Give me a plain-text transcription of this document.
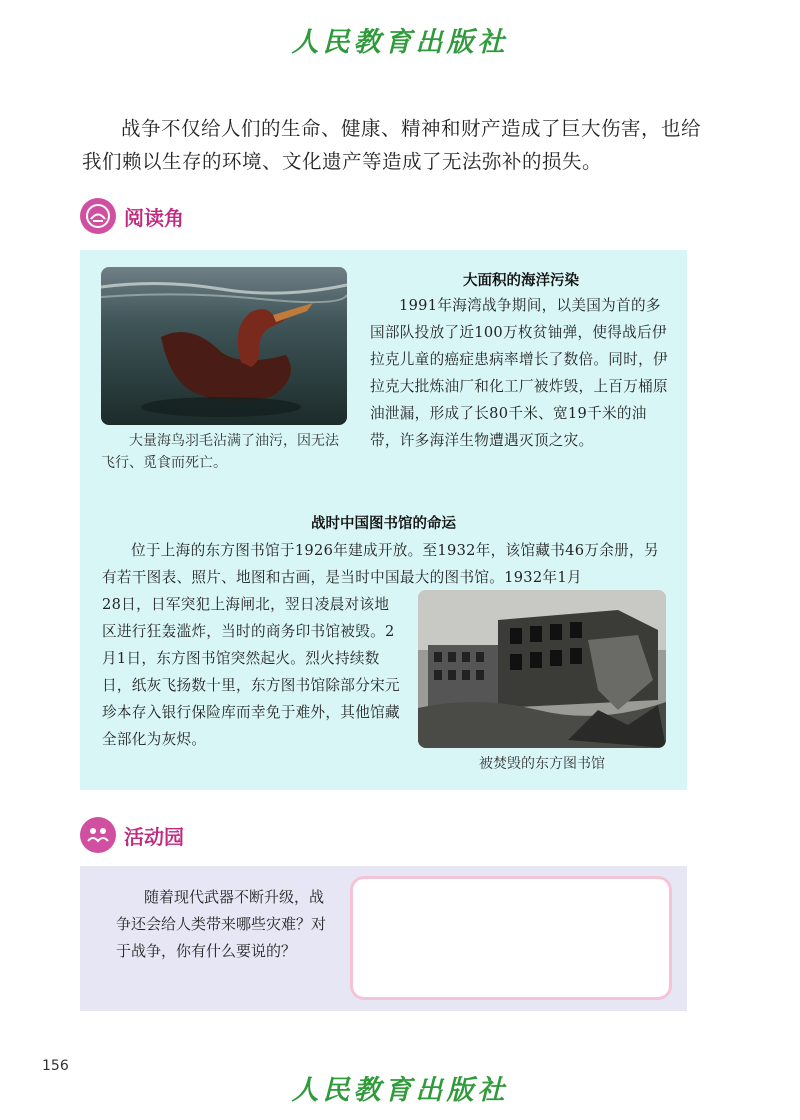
人民教育出版社
战争不仅给人们的生命、健康、精神和财产造成了巨大伤害，也给我们赖以生存的环境、文化遗产等造成了无法弥补的损失。
阅读角
大量海鸟羽毛沾满了油污，因无法飞行、觅食而死亡。
大面积的海洋污染
1991年海湾战争期间，以美国为首的多国部队投放了近100万枚贫铀弹，使得战后伊拉克儿童的癌症患病率增长了数倍。同时，伊拉克大批炼油厂和化工厂被炸毁，上百万桶原油泄漏，形成了长80千米、宽19千米的油带，许多海洋生物遭遇灭顶之灾。
战时中国图书馆的命运
位于上海的东方图书馆于1926年建成开放。至1932年，该馆藏书46万余册，另有若干图表、照片、地图和古画，是当时中国最大的图书馆。1932年1月
28日，日军突犯上海闸北，翌日凌晨对该地区进行狂轰滥炸，当时的商务印书馆被毁。2月1日，东方图书馆突然起火。烈火持续数日，纸灰飞扬数十里，东方图书馆除部分宋元珍本存入银行保险库而幸免于难外，其他馆藏全部化为灰烬。
被焚毁的东方图书馆
活动园
随着现代武器不断升级，战争还会给人类带来哪些灾难？对于战争，你有什么要说的？
156
人民教育出版社
